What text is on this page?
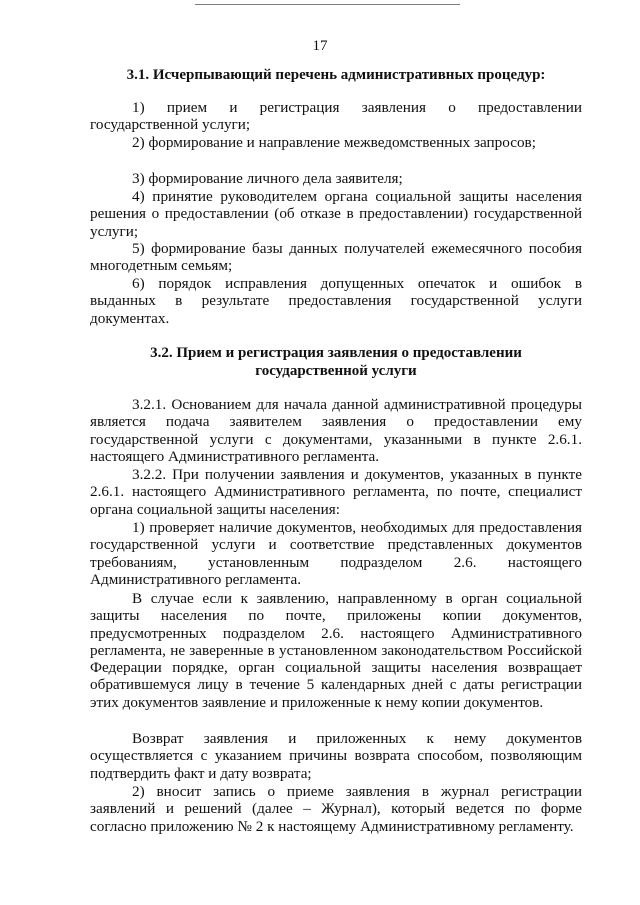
17
3.1. Исчерпывающий перечень административных процедур:

1) прием и регистрация заявления о предоставлении государственной услуги;

2) формирование и направление межведомственных запросов;

3) формирование личного дела заявителя;

4) принятие руководителем органа социальной защиты населения решения о предоставлении (об отказе в предоставлении) государственной услуги;

5) формирование базы данных получателей ежемесячного пособия многодетным семьям;

6) порядок исправления допущенных опечаток и ошибок в выданных в результате предоставления государственной услуги документах.

3.2. Прием и регистрация заявления о предоставлении
государственной услуги

3.2.1. Основанием для начала данной административной процедуры является подача заявителем заявления о предоставлении ему государственной услуги с документами, указанными в пункте 2.6.1. настоящего Административного регламента.

3.2.2. При получении заявления и документов, указанных в пункте 2.6.1. настоящего Административного регламента, по почте, специалист органа социальной защиты населения:

1) проверяет наличие документов, необходимых для предоставления государственной услуги и соответствие представленных документов требованиям, установленным подразделом 2.6. настоящего Административного регламента.

В случае если к заявлению, направленному в орган социальной защиты населения по почте, приложены копии документов, предусмотренных подразделом 2.6. настоящего Административного регламента, не заверенные в установленном законодательством Российской Федерации порядке, орган социальной защиты населения возвращает обратившемуся лицу в течение 5 календарных дней с даты регистрации этих документов заявление и приложенные к нему копии документов.

Возврат заявления и приложенных к нему документов осуществляется с указанием причины возврата способом, позволяющим подтвердить факт и дату возврата;

2) вносит запись о приеме заявления в журнал регистрации заявлений и решений (далее – Журнал), который ведется по форме согласно приложению № 2 к настоящему Административному регламенту.
